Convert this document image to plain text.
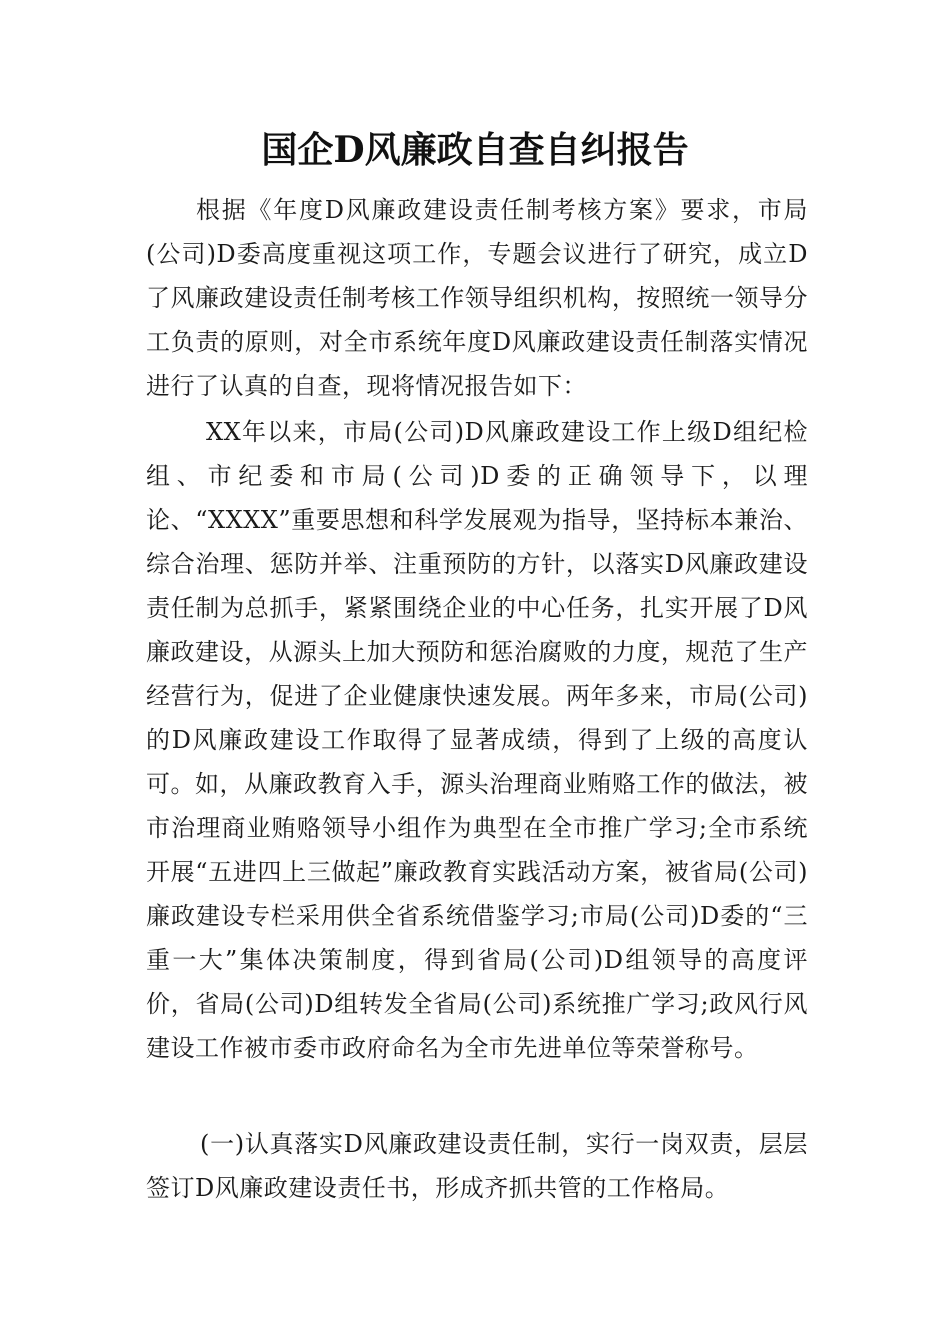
国企D风廉政自查自纠报告

根据《年度D风廉政建设责任制考核方案》要求，市局(公司)D委高度重视这项工作，专题会议进行了研究，成立D了风廉政建设责任制考核工作领导组织机构，按照统一领导分工负责的原则，对全市系统年度D风廉政建设责任制落实情况进行了认真的自查，现将情况报告如下：

XX年以来，市局(公司)D风廉政建设工作上级D组纪检组、市纪委和市局(公司)D委的正确领导下，以理论、“XXXX”重要思想和科学发展观为指导，坚持标本兼治、综合治理、惩防并举、注重预防的方针，以落实D风廉政建设责任制为总抓手，紧紧围绕企业的中心任务，扎实开展了D风廉政建设，从源头上加大预防和惩治腐败的力度，规范了生产经营行为，促进了企业健康快速发展。两年多来，市局(公司)的D风廉政建设工作取得了显著成绩，得到了上级的高度认可。如，从廉政教育入手，源头治理商业贿赂工作的做法，被市治理商业贿赂领导小组作为典型在全市推广学习;全市系统开展“五进四上三做起”廉政教育实践活动方案，被省局(公司)廉政建设专栏采用供全省系统借鉴学习;市局(公司)D委的“三重一大”集体决策制度，得到省局(公司)D组领导的高度评价，省局(公司)D组转发全省局(公司)系统推广学习;政风行风建设工作被市委市政府命名为全市先进单位等荣誉称号。

(一)认真落实D风廉政建设责任制，实行一岗双责，层层签订D风廉政建设责任书，形成齐抓共管的工作格局。
